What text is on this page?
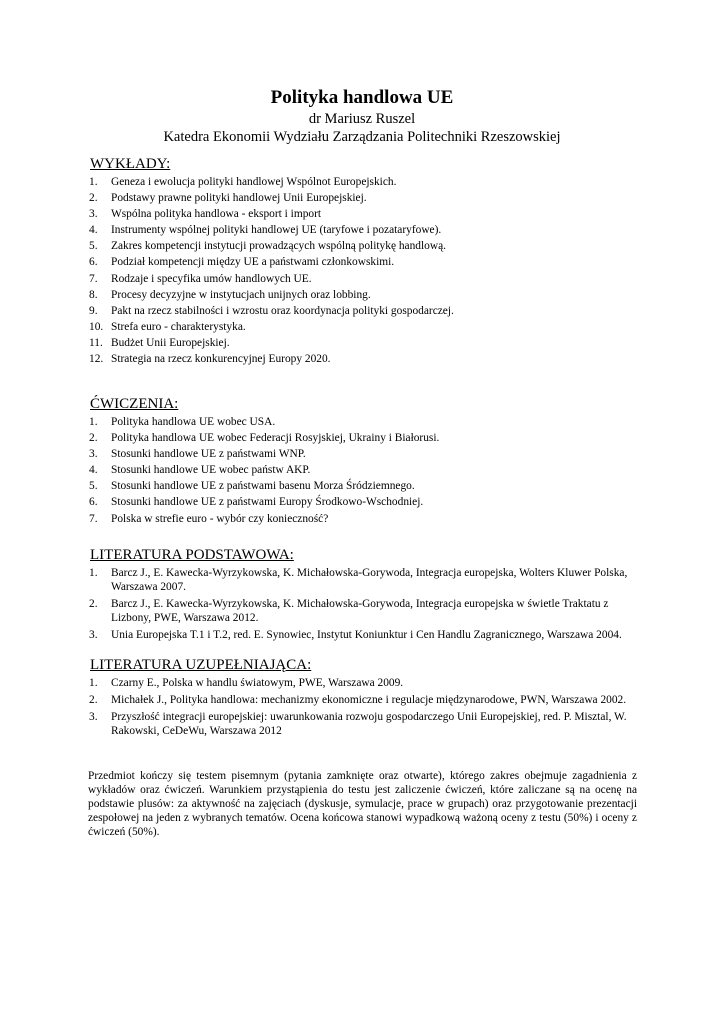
Polityka handlowa UE
dr Mariusz Ruszel
Katedra Ekonomii Wydziału Zarządzania Politechniki Rzeszowskiej
WYKŁADY:
1.	Geneza i ewolucja polityki handlowej Wspólnot Europejskich.
2.	Podstawy prawne polityki handlowej Unii Europejskiej.
3.	Wspólna polityka handlowa - eksport i import
4.	Instrumenty wspólnej polityki handlowej UE (taryfowe i pozataryfowe).
5.	Zakres kompetencji instytucji prowadzących wspólną politykę handlową.
6.	Podział kompetencji między UE a państwami członkowskimi.
7.	Rodzaje i specyfika umów handlowych UE.
8.	Procesy decyzyjne w instytucjach unijnych oraz lobbing.
9.	Pakt na rzecz stabilności i wzrostu oraz koordynacja polityki gospodarczej.
10. Strefa euro - charakterystyka.
11. Budżet Unii Europejskiej.
12. Strategia na rzecz konkurencyjnej Europy 2020.
ĆWICZENIA:
1.	Polityka handlowa UE wobec USA.
2.	Polityka handlowa UE wobec Federacji Rosyjskiej, Ukrainy i Białorusi.
3.	Stosunki handlowe UE z państwami WNP.
4.	Stosunki handlowe UE wobec państw AKP.
5.	Stosunki handlowe UE z państwami basenu Morza Śródziemnego.
6.	Stosunki handlowe UE z państwami Europy Środkowo-Wschodniej.
7.	Polska w strefie euro - wybór czy konieczność?
LITERATURA PODSTAWOWA:
1.	Barcz J., E. Kawecka-Wyrzykowska, K. Michałowska-Gorywoda, Integracja europejska, Wolters Kluwer Polska, Warszawa 2007.
2.	Barcz J., E. Kawecka-Wyrzykowska, K. Michałowska-Gorywoda, Integracja europejska w świetle Traktatu z Lizbony, PWE, Warszawa 2012.
3.	Unia Europejska T.1 i T.2, red. E. Synowiec, Instytut Koniunktur i Cen Handlu Zagranicznego, Warszawa 2004.
LITERATURA UZUPEŁNIAJĄCA:
1.	Czarny E., Polska w handlu światowym, PWE, Warszawa 2009.
2.	Michałek J., Polityka handlowa: mechanizmy ekonomiczne i regulacje międzynarodowe, PWN, Warszawa 2002.
3.	Przyszłość integracji europejskiej: uwarunkowania rozwoju gospodarczego Unii Europejskiej, red. P. Misztal, W. Rakowski, CeDeWu, Warszawa 2012
Przedmiot kończy się testem pisemnym (pytania zamknięte oraz otwarte), którego zakres obejmuje zagadnienia z wykładów oraz ćwiczeń. Warunkiem przystąpienia do testu jest zaliczenie ćwiczeń, które zaliczane są na ocenę na podstawie plusów: za aktywność na zajęciach (dyskusje, symulacje, prace w grupach) oraz przygotowanie prezentacji zespołowej na jeden z wybranych tematów. Ocena końcowa stanowi wypadkową ważoną oceny z testu (50%) i oceny z ćwiczeń (50%).
